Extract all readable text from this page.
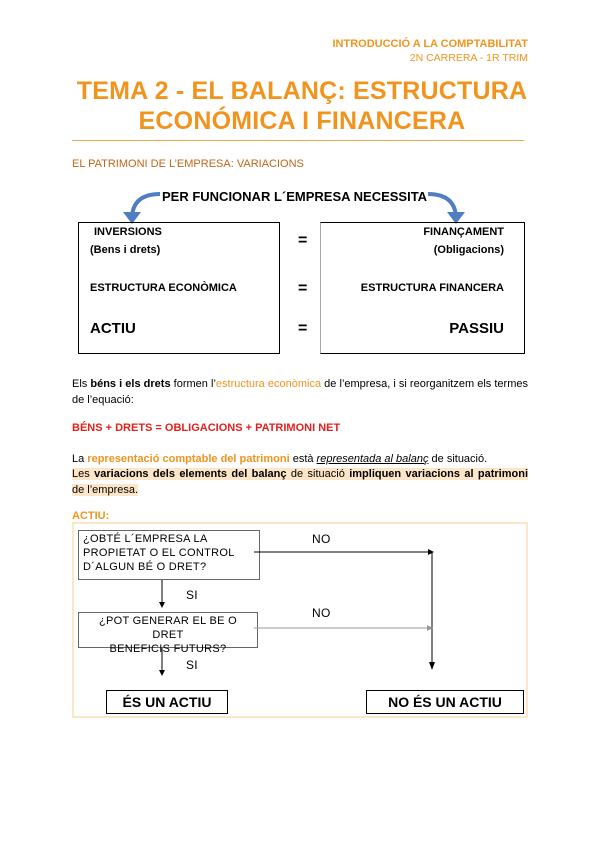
INTRODUCCIÓ A LA COMPTABILITAT
2N CARRERA - 1R TRIM
TEMA 2 - EL BALANÇ: ESTRUCTURA
ECONÓMICA I FINANCERA
EL PATRIMONI DE L’EMPRESA: VARIACIONS
PER FUNCIONAR L´EMPRESA NECESSITA
INVERSIONS
(Bens i drets)
ESTRUCTURA ECONÒMICA
ACTIU
FINANÇAMENT
(Obligacions)
ESTRUCTURA FINANCERA
PASSIU
=
=
=
Els béns i els drets formen l’estructura econòmica de l’empresa, i si reorganitzem els termes de l’equació:
BÉNS + DRETS = OBLIGACIONS + PATRIMONI NET
La representació comptable del patrimoni està representada al balanç de situació.
Les variacions dels elements del balanç de situació impliquen variacions al patrimoni de l’empresa.
ACTIU:
¿OBTÉ L´EMPRESA LA
PROPIETAT O EL CONTROL
D´ALGUN BÉ O DRET?
¿POT GENERAR EL BE O DRET
BENEFICIS FUTURS?
NO
NO
SI
SI
ÉS UN ACTIU	NO ÉS UN ACTIU
